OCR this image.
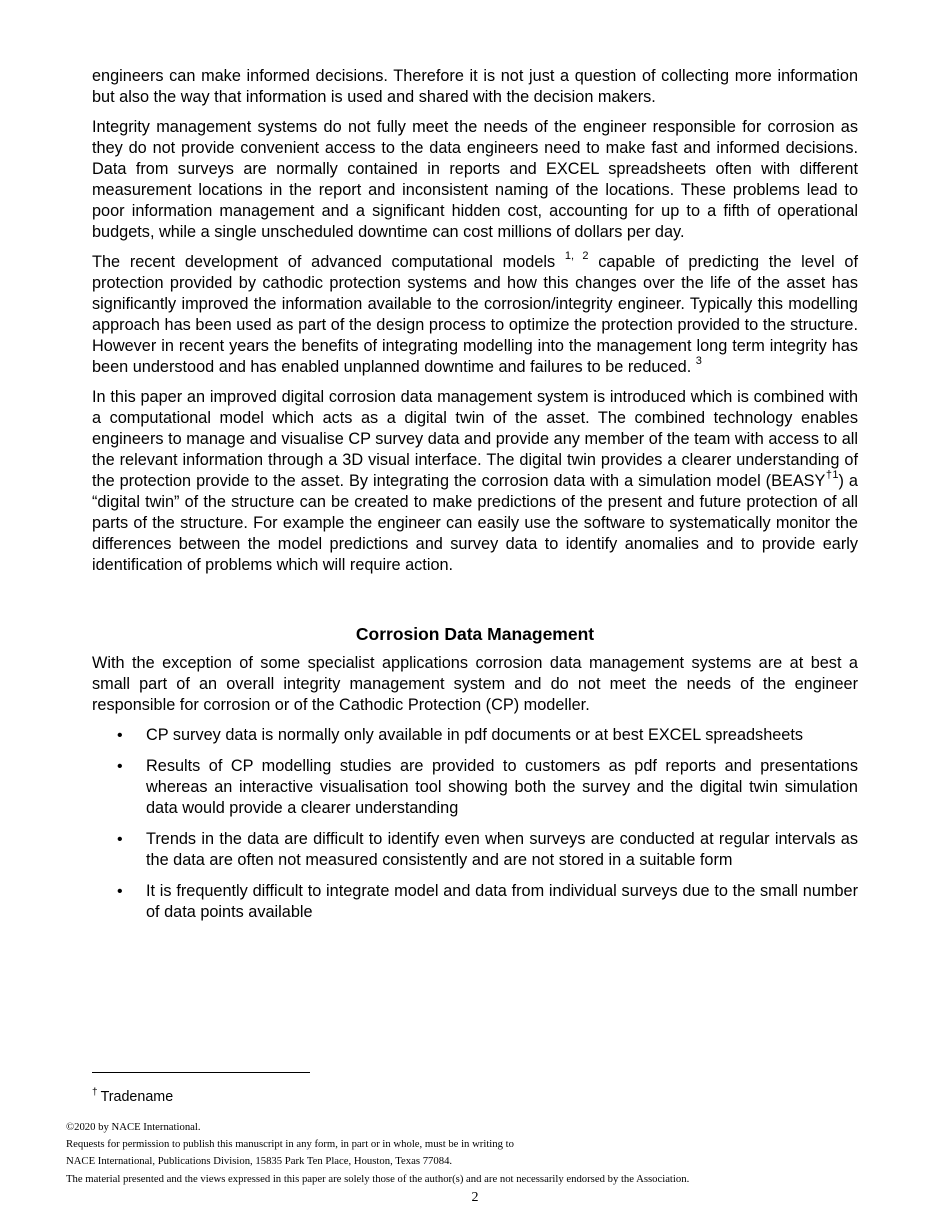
engineers can make informed decisions. Therefore it is not just a question of collecting more information but also the way that information is used and shared with the decision makers.

Integrity management systems do not fully meet the needs of the engineer responsible for corrosion as they do not provide convenient access to the data engineers need to make fast and informed decisions. Data from surveys are normally contained in reports and EXCEL spreadsheets often with different measurement locations in the report and inconsistent naming of the locations. These problems lead to poor information management and a significant hidden cost, accounting for up to a fifth of operational budgets, while a single unscheduled downtime can cost millions of dollars per day.

The recent development of advanced computational models $^{1, 2}$ capable of predicting the level of protection provided by cathodic protection systems and how this changes over the life of the asset has significantly improved the information available to the corrosion/integrity engineer. Typically this modelling approach has been used as part of the design process to optimize the protection provided to the structure. However in recent years the benefits of integrating modelling into the management long term integrity has been understood and has enabled unplanned downtime and failures to be reduced. $^3$

In this paper an improved digital corrosion data management system is introduced which is combined with a computational model which acts as a digital twin of the asset. The combined technology enables engineers to manage and visualise CP survey data and provide any member of the team with access to all the relevant information through a 3D visual interface. The digital twin provides a clearer understanding of the protection provide to the asset. By integrating the corrosion data with a simulation model (BEASY$^{\dagger 1}$) a “digital twin” of the structure can be created to make predictions of the present and future protection of all parts of the structure. For example the engineer can easily use the software to systematically monitor the differences between the model predictions and survey data to identify anomalies and to provide early identification of problems which will require action.

Corrosion Data Management

With the exception of some specialist applications corrosion data management systems are at best a small part of an overall integrity management system and do not meet the needs of the engineer responsible for corrosion or of the Cathodic Protection (CP) modeller.

• CP survey data is normally only available in pdf documents or at best EXCEL spreadsheets
• Results of CP modelling studies are provided to customers as pdf reports and presentations whereas an interactive visualisation tool showing both the survey and the digital twin simulation data would provide a clearer understanding
• Trends in the data are difficult to identify even when surveys are conducted at regular intervals as the data are often not measured consistently and are not stored in a suitable form
• It is frequently difficult to integrate model and data from individual surveys due to the small number of data points available
† Tradename
©2020 by NACE International.
Requests for permission to publish this manuscript in any form, in part or in whole, must be in writing to
NACE International, Publications Division, 15835 Park Ten Place, Houston, Texas 77084.
The material presented and the views expressed in this paper are solely those of the author(s) and are not necessarily endorsed by the Association.
2
